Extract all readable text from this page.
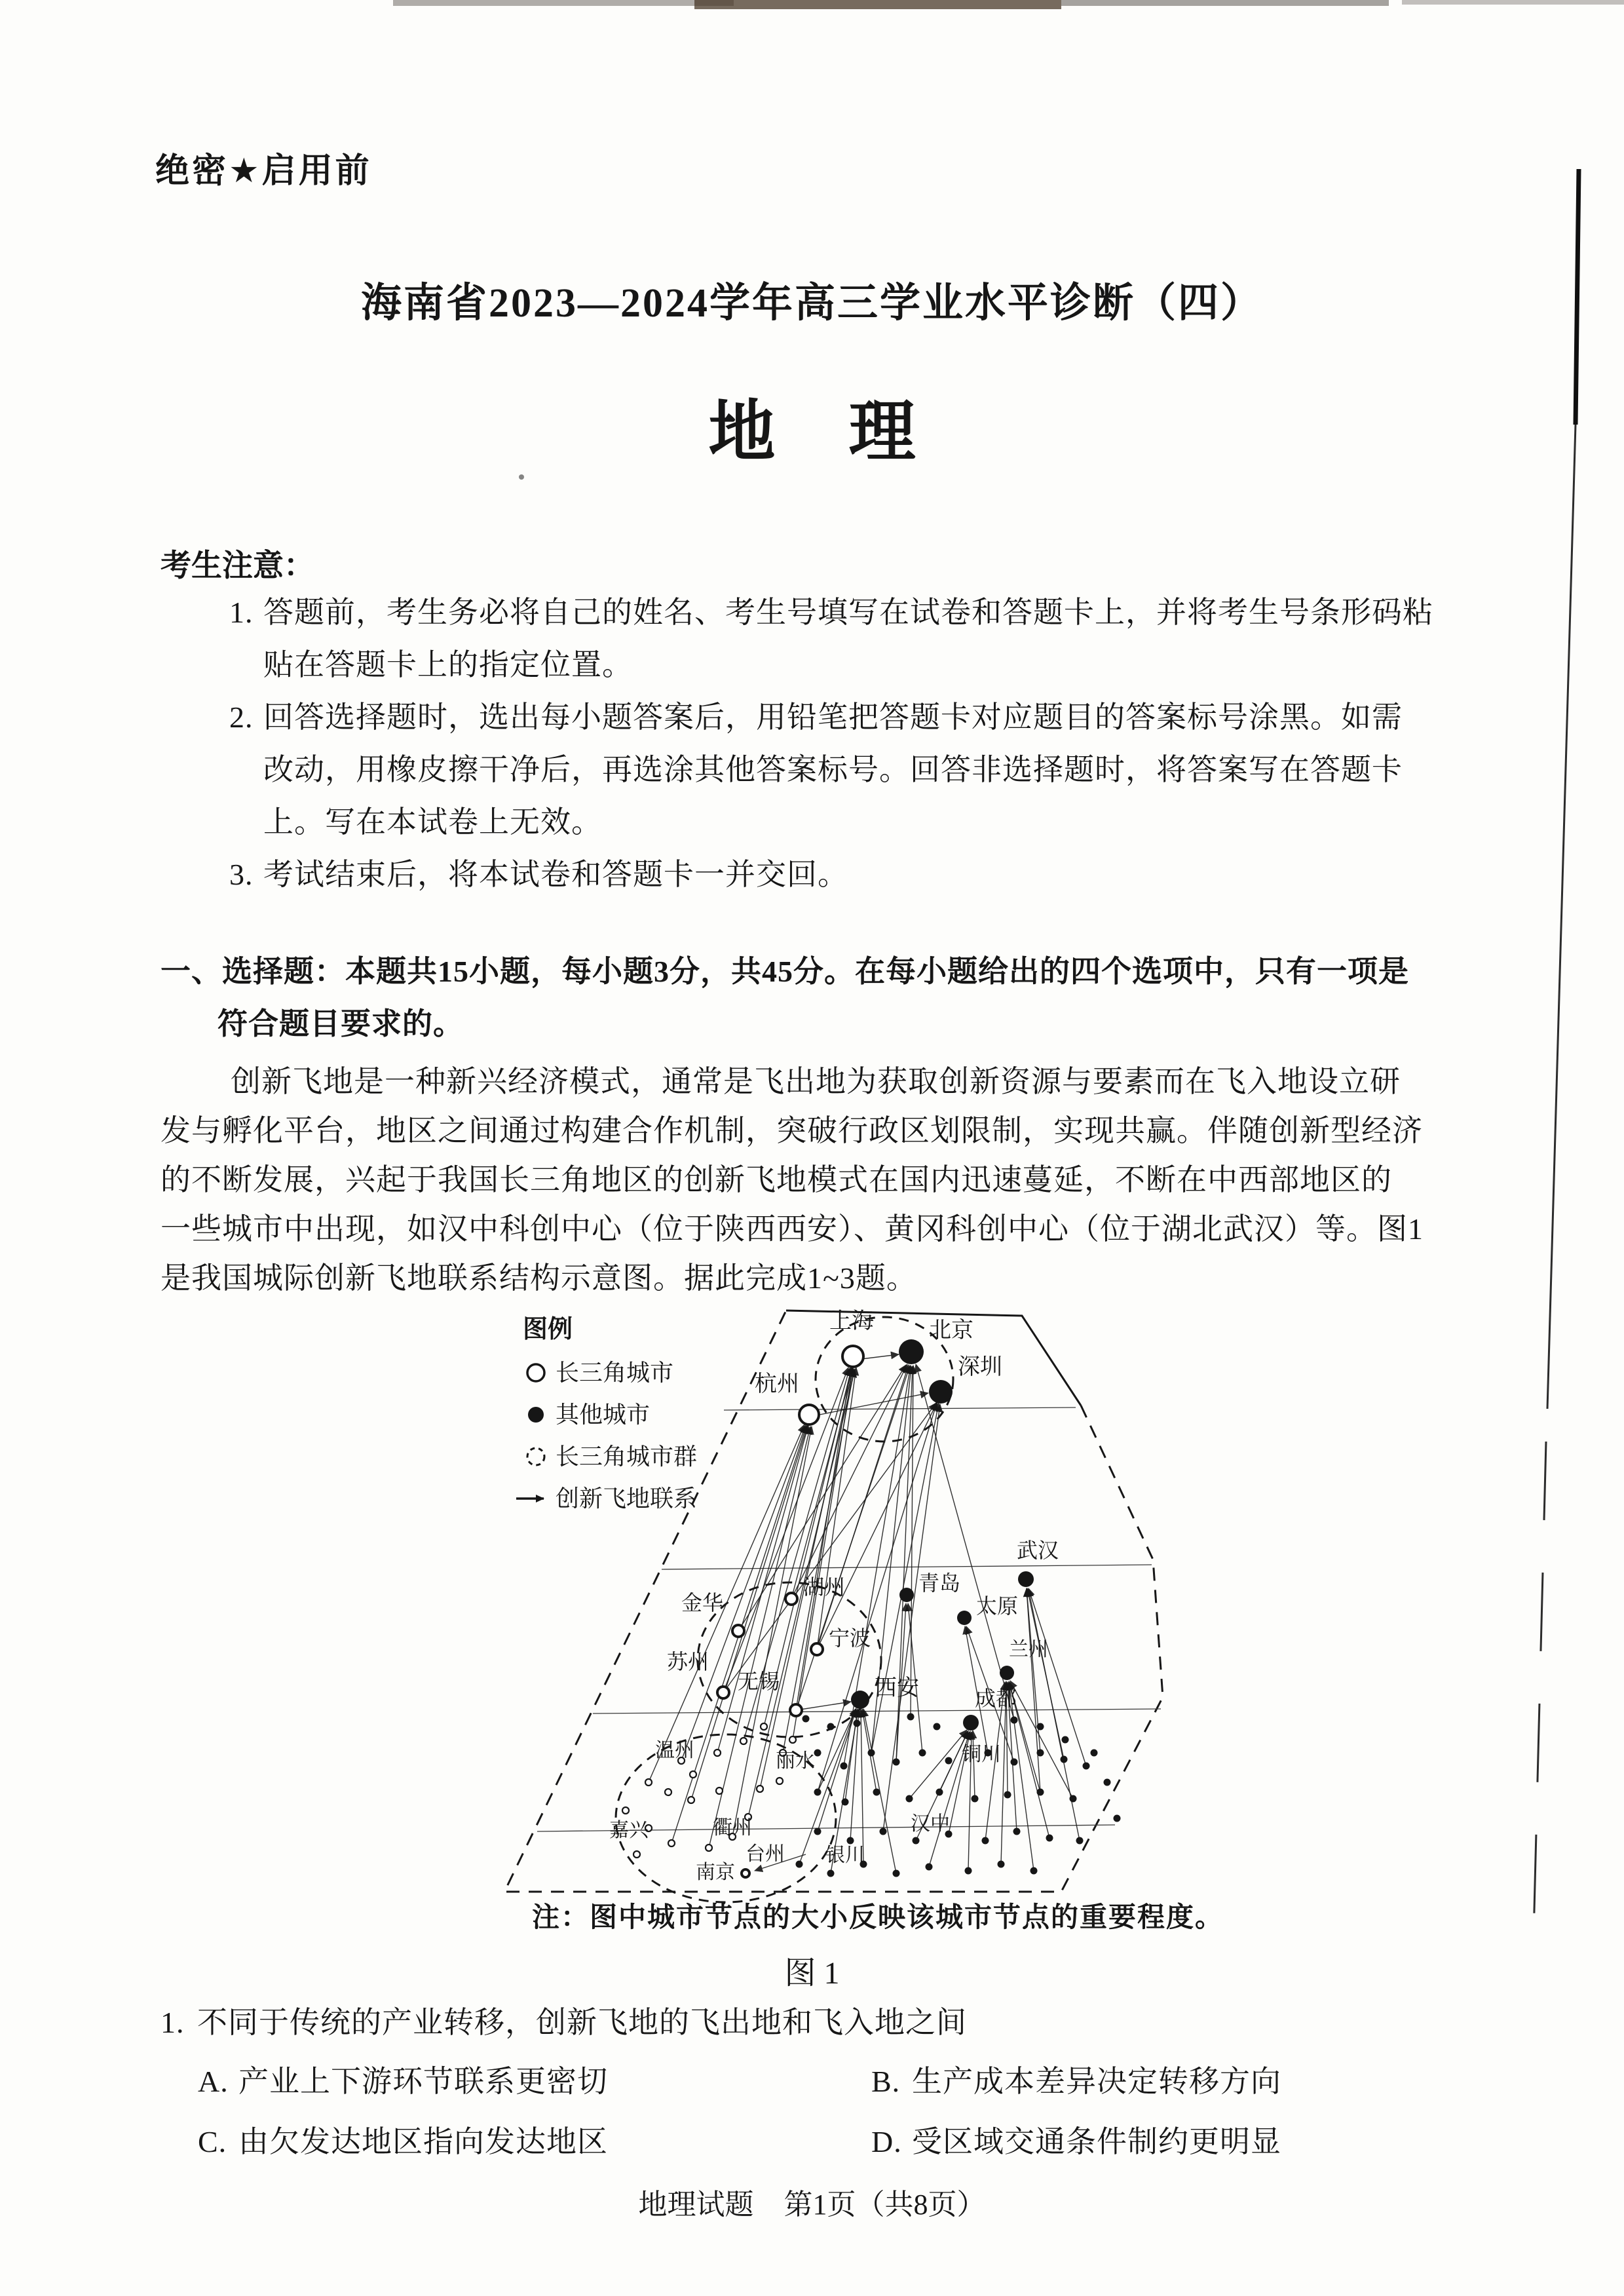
绝密★启用前
海南省2023—2024学年高三学业水平诊断（四）
地理
考生注意：
1. 答题前，考生务必将自己的姓名、考生号填写在试卷和答题卡上，并将考生号条形码粘
贴在答题卡上的指定位置。
2. 回答选择题时，选出每小题答案后，用铅笔把答题卡对应题目的答案标号涂黑。如需
改动，用橡皮擦干净后，再选涂其他答案标号。回答非选择题时，将答案写在答题卡
上。写在本试卷上无效。
3. 考试结束后，将本试卷和答题卡一并交回。
一、选择题：本题共15小题，每小题3分，共45分。在每小题给出的四个选项中，只有一项是
符合题目要求的。
创新飞地是一种新兴经济模式，通常是飞出地为获取创新资源与要素而在飞入地设立研
发与孵化平台，地区之间通过构建合作机制，突破行政区划限制，实现共赢。伴随创新型经济
的不断发展，兴起于我国长三角地区的创新飞地模式在国内迅速蔓延，不断在中西部地区的
一些城市中出现，如汉中科创中心（位于陕西西安）、黄冈科创中心（位于湖北武汉）等。图1
是我国城际创新飞地联系结构示意图。据此完成1~3题。
上海
杭州
北京
深圳
武汉
青岛
太原
兰州
西安	成都
湖州
金华
宁波
苏州
无锡
南京
温州	丽水
嘉兴	衢州
台州 银川
汉中
铜川
图例
长三角城市
其他城市
长三角城市群
创新飞地联系
注：图中城市节点的大小反映该城市节点的重要程度。
图 1
1. 不同于传统的产业转移，创新飞地的飞出地和飞入地之间
A. 产业上下游环节联系更密切	B. 生产成本差异决定转移方向
C. 由欠发达地区指向发达地区	D. 受区域交通条件制约更明显
地理试题 第1页（共8页）
